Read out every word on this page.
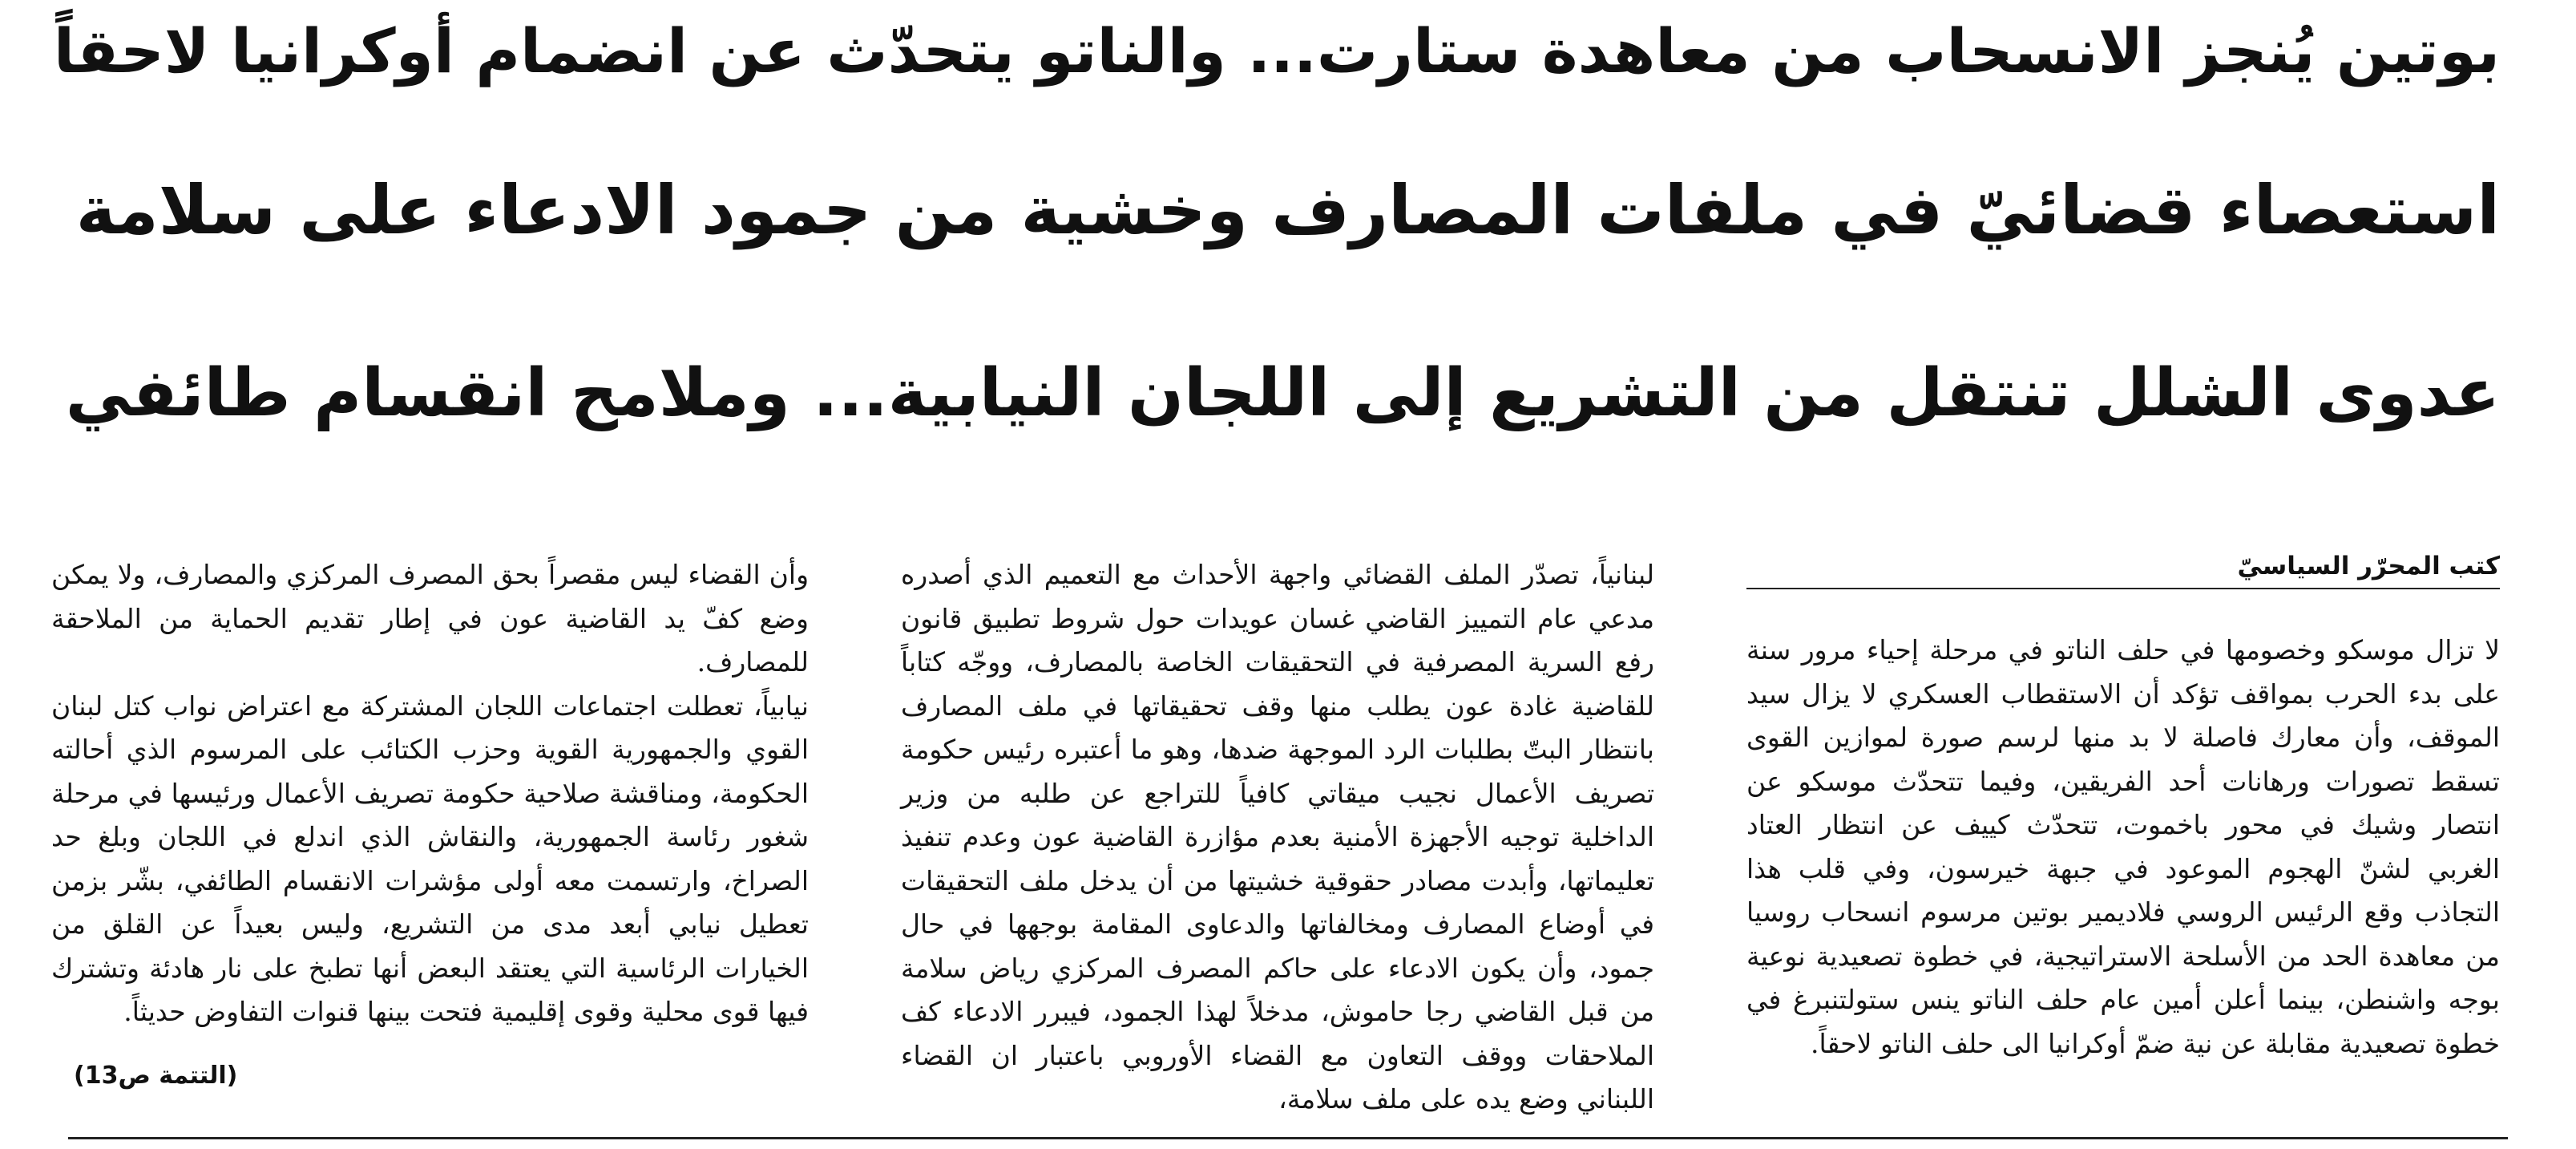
بوتين يُنجز الانسحاب من معاهدة ستارت... والناتو يتحدّث عن انضمام أوكرانيا لاحقاً
استعصاء قضائيّ في ملفات المصارف وخشية من جمود الادعاء على سلامة
عدوى الشلل تنتقل من التشريع إلى اللجان النيابية... وملامح انقسام طائفي

كتب المحرّر السياسيّ

لا تزال موسكو وخصومها في حلف الناتو في مرحلة إحياء مرور سنة على بدء الحرب بمواقف تؤكد أن الاستقطاب العسكري لا يزال سيد الموقف، وأن معارك فاصلة لا بد منها لرسم صورة لموازين القوى تسقط تصورات ورهانات أحد الفريقين، وفيما تتحدّث موسكو عن انتصار وشيك في محور باخموت، تتحدّث كييف عن انتظار العتاد الغربي لشنّ الهجوم الموعود في جبهة خيرسون، وفي قلب هذا التجاذب وقع الرئيس الروسي فلاديمير بوتين مرسوم انسحاب روسيا من معاهدة الحد من الأسلحة الاستراتيجية، في خطوة تصعيدية نوعية بوجه واشنطن، بينما أعلن أمين عام حلف الناتو ينس ستولتنبرغ في خطوة تصعيدية مقابلة عن نية ضمّ أوكرانيا الى حلف الناتو لاحقاً.

لبنانياً، تصدّر الملف القضائي واجهة الأحداث مع التعميم الذي أصدره مدعي عام التمييز القاضي غسان عويدات حول شروط تطبيق قانون رفع السرية المصرفية في التحقيقات الخاصة بالمصارف، ووجّه كتاباً للقاضية غادة عون يطلب منها وقف تحقيقاتها في ملف المصارف بانتظار البتّ بطلبات الرد الموجهة ضدها، وهو ما أعتبره رئيس حكومة تصريف الأعمال نجيب ميقاتي كافياً للتراجع عن طلبه من وزير الداخلية توجيه الأجهزة الأمنية بعدم مؤازرة القاضية عون وعدم تنفيذ تعليماتها، وأبدت مصادر حقوقية خشيتها من أن يدخل ملف التحقيقات في أوضاع المصارف ومخالفاتها والدعاوى المقامة بوجهها في حال جمود، وأن يكون الادعاء على حاكم المصرف المركزي رياض سلامة من قبل القاضي رجا حاموش، مدخلاً لهذا الجمود، فيبرر الادعاء كف الملاحقات ووقف التعاون مع القضاء الأوروبي باعتبار ان القضاء اللبناني وضع يده على ملف سلامة،

وأن القضاء ليس مقصراً بحق المصرف المركزي والمصارف، ولا يمكن وضع كفّ يد القاضية عون في إطار تقديم الحماية من الملاحقة للمصارف.

نيابياً، تعطلت اجتماعات اللجان المشتركة مع اعتراض نواب كتل لبنان القوي والجمهورية القوية وحزب الكتائب على المرسوم الذي أحالته الحكومة، ومناقشة صلاحية حكومة تصريف الأعمال ورئيسها في مرحلة شغور رئاسة الجمهورية، والنقاش الذي اندلع في اللجان وبلغ حد الصراخ، وارتسمت معه أولى مؤشرات الانقسام الطائفي، بشّر بزمن تعطيل نيابي أبعد مدى من التشريع، وليس بعيداً عن القلق من الخيارات الرئاسية التي يعتقد البعض أنها تطبخ على نار هادئة وتشترك فيها قوى محلية وقوى إقليمية فتحت بينها قنوات التفاوض حديثاً.

(التتمة ص13)
